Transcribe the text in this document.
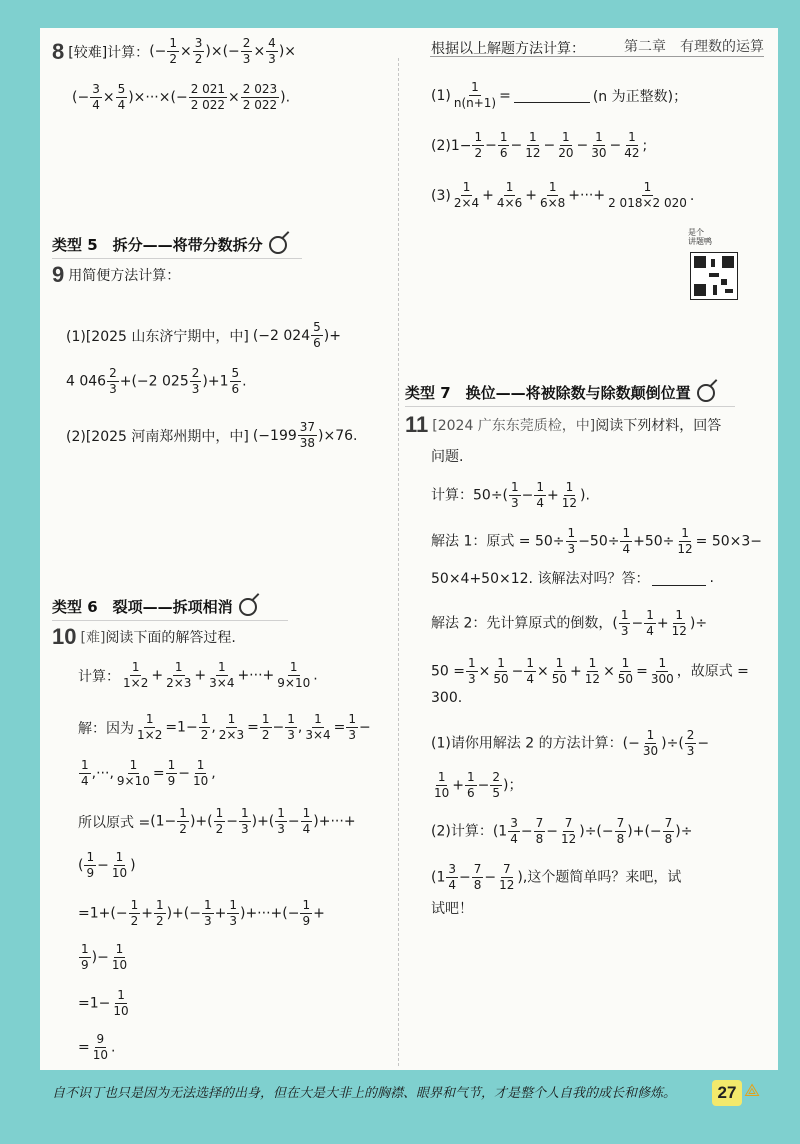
第二章 有理数的运算
8 [较难]计算： (− $\frac{1}{2} \times \frac{3}{2}$ )×(− $\frac{2}{3} \times \frac{4}{3}$ )×
(− $\frac{3}{4} \times \frac{5}{4}$ )×···×(− $\frac{2 021}{2 022} \times \frac{2 023}{2 022}$ ).
类型 5　拆分——将带分数拆分
9 用简便方法计算：
(1)[2025 山东济宁期中，中] (−2 $024 \frac{5}{6}$ )+
4 $046 \frac{2}{3} +(-2$ $025 \frac{2}{3} )+1 \frac{5}{6}$ .
(2)[2025 河南郑州期中，中] $(-199 \frac{37}{38} )\times 76$.
类型 6　裂项——拆项相消
10 [难] 阅读下面的解答过程.
计算： $\frac{1}{1\times 2} + \frac{1}{2\times 3} + \frac{1}{3\times 4}$ +···+ $\frac{1}{9\times 10}$ .
解：因为 $\frac{1}{1\times 2} =1- \frac{1}{2}$ , $\frac{1}{2\times 3} = \frac{1}{2} - \frac{1}{3}$ , $\frac{1}{3\times 4} = \frac{1}{3}$ −
$\frac{1}{4}$ ,···, $\frac{1}{9\times 10} = \frac{1}{9} - \frac{1}{10}$ ,
所以原式 = ($1- \frac{1}{2}$ )+( $\frac{1}{2} - \frac{1}{3}$ )+( $\frac{1}{3} - \frac{1}{4}$ )+···+
( $\frac{1}{9} - \frac{1}{10}$ )
$=1+(- \frac{1}{2} + \frac{1}{2}$ )+(− $\frac{1}{3} + \frac{1}{3}$ )+···+(− $\frac{1}{9}$ +
$\frac{1}{9}$ )− $\frac{1}{10}$
$=1- \frac{1}{10}$
= $\frac{9}{10}$ .
根据以上解题方法计算：
$(1) \frac{1}{n(n+1)}$ =	(n 为正整数)；
$(2)1- \frac{1}{2} - \frac{1}{6} - \frac{1}{12} - \frac{1}{20} - \frac{1}{30} - \frac{1}{42}$ ;
$(3) \frac{1}{2\times 4} + \frac{1}{4\times 6} + \frac{1}{6\times 8}$ +···+ $\frac{1}{2 018\times 2 020}$ .
类型 7　换位——将被除数与除数颠倒位置
11 [2024 广东东莞质检，中] 阅读下列材料，回答
问题.
计算：$50\div( \frac{1}{3} - \frac{1}{4} + \frac{1}{12}$ ).
解法 1：原式 = $50\div \frac{1}{3} -50\div \frac{1}{4} +50\div \frac{1}{12} = 50\times 3-$
50×4+50×12. 该解法对吗？答：	.
解法 2：先计算原式的倒数，( $\frac{1}{3} - \frac{1}{4} + \frac{1}{12}$ )÷
$50 = \frac{1}{3} \times \frac{1}{50} - \frac{1}{4} \times \frac{1}{50} + \frac{1}{12} \times \frac{1}{50} = \frac{1}{300}$ ，故原式 =
300.
(1)请你用解法 2 的方法计算：(− $\frac{1}{30}$ )÷( $\frac{2}{3}$ −
$\frac{1}{10} + \frac{1}{6} - \frac{2}{5}$ )；
(2)计算：($1 \frac{3}{4} - \frac{7}{8} - \frac{7}{12}$ )÷(− $\frac{7}{8}$ )+(− $\frac{7}{8}$ )÷
($1 \frac{3}{4} - \frac{7}{8} - \frac{7}{12}$ ),这个题简单吗？来吧，试
试吧！
是个
讲题鸭
自不识丁也只是因为无法选择的出身，但在大是大非上的胸襟、眼界和气节，才是整个人自我的成长和修炼。	27 ⟁
